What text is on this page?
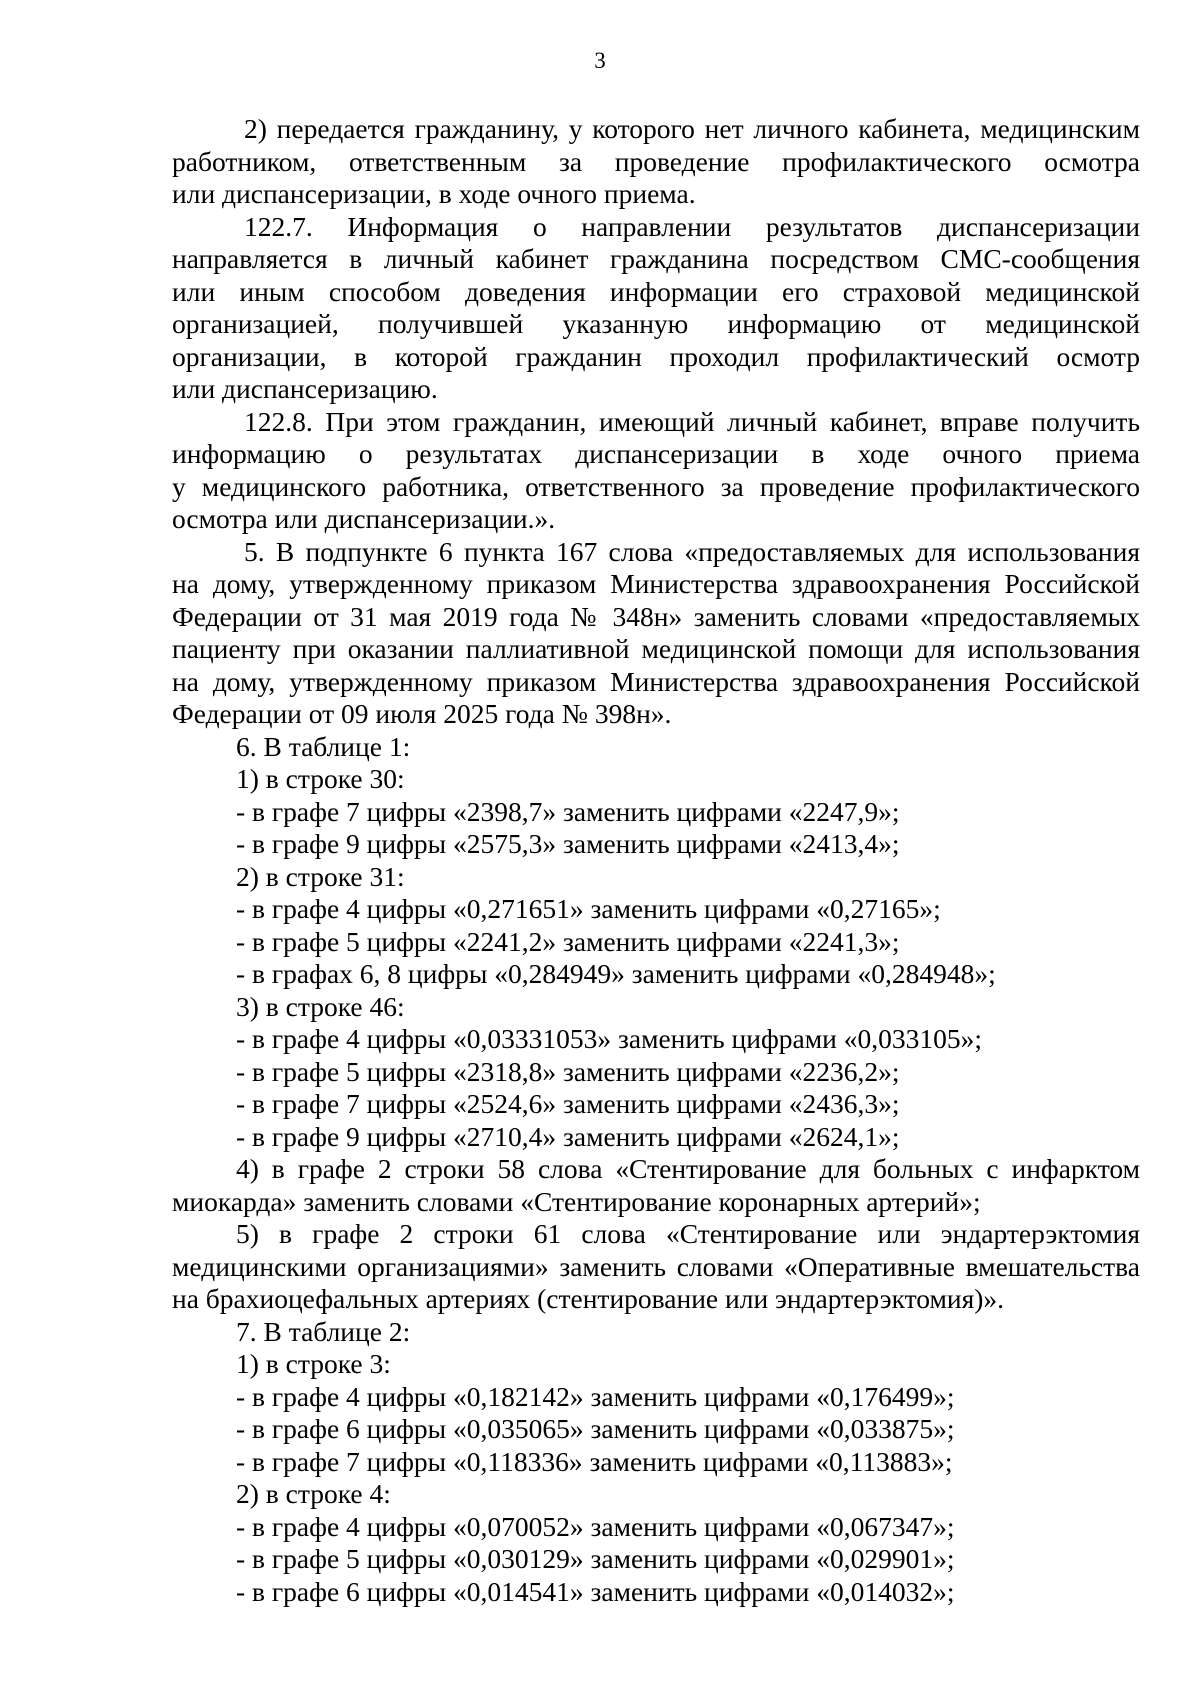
3
2) передается гражданину, у которого нет личного кабинета, медицинским
работником, ответственным за проведение профилактического осмотра
или диспансеризации, в ходе очного приема.
122.7. Информация о направлении результатов диспансеризации
направляется в личный кабинет гражданина посредством СМС-сообщения
или иным способом доведения информации его страховой медицинской
организацией, получившей указанную информацию от медицинской
организации, в которой гражданин проходил профилактический осмотр
или диспансеризацию.
122.8. При этом гражданин, имеющий личный кабинет, вправе получить
информацию о результатах диспансеризации в ходе очного приема
у медицинского работника, ответственного за проведение профилактического
осмотра или диспансеризации.».
5. В подпункте 6 пункта 167 слова «предоставляемых для использования
на дому, утвержденному приказом Министерства здравоохранения Российской
Федерации от 31 мая 2019 года № 348н» заменить словами «предоставляемых
пациенту при оказании паллиативной медицинской помощи для использования
на дому, утвержденному приказом Министерства здравоохранения Российской
Федерации от 09 июля 2025 года № 398н».
6. В таблице 1:
1) в строке 30:
- в графе 7 цифры «2398,7» заменить цифрами «2247,9»;
- в графе 9 цифры «2575,3» заменить цифрами «2413,4»;
2) в строке 31:
- в графе 4 цифры «0,271651» заменить цифрами «0,27165»;
- в графе 5 цифры «2241,2» заменить цифрами «2241,3»;
- в графах 6, 8 цифры «0,284949» заменить цифрами «0,284948»;
3) в строке 46:
- в графе 4 цифры «0,03331053» заменить цифрами «0,033105»;
- в графе 5 цифры «2318,8» заменить цифрами «2236,2»;
- в графе 7 цифры «2524,6» заменить цифрами «2436,3»;
- в графе 9 цифры «2710,4» заменить цифрами «2624,1»;
4) в графе 2 строки 58 слова «Стентирование для больных с инфарктом
миокарда» заменить словами «Стентирование коронарных артерий»;
5) в графе 2 строки 61 слова «Стентирование или эндартерэктомия
медицинскими организациями» заменить словами «Оперативные вмешательства
на брахиоцефальных артериях (стентирование или эндартерэктомия)».
7. В таблице 2:
1) в строке 3:
- в графе 4 цифры «0,182142» заменить цифрами «0,176499»;
- в графе 6 цифры «0,035065» заменить цифрами «0,033875»;
- в графе 7 цифры «0,118336» заменить цифрами «0,113883»;
2) в строке 4:
- в графе 4 цифры «0,070052» заменить цифрами «0,067347»;
- в графе 5 цифры «0,030129» заменить цифрами «0,029901»;
- в графе 6 цифры «0,014541» заменить цифрами «0,014032»;
